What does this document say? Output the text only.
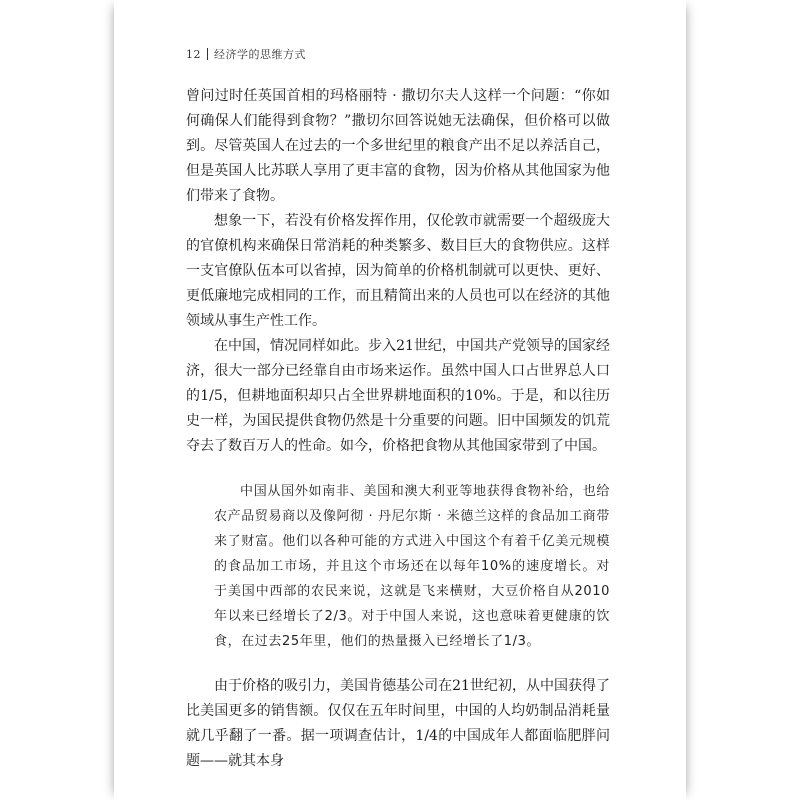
12 经济学的思维方式

曾问过时任英国首相的玛格丽特 · 撒切尔夫人这样一个问题：“你如何确保人们能得到食物？”撒切尔回答说她无法确保，但价格可以做到。尽管英国人在过去的一个多世纪里的粮食产出不足以养活自己，但是英国人比苏联人享用了更丰富的食物，因为价格从其他国家为他们带来了食物。

想象一下，若没有价格发挥作用，仅伦敦市就需要一个超级庞大的官僚机构来确保日常消耗的种类繁多、数目巨大的食物供应。这样一支官僚队伍本可以省掉，因为简单的价格机制就可以更快、更好、更低廉地完成相同的工作，而且精简出来的人员也可以在经济的其他领域从事生产性工作。

在中国，情况同样如此。步入21世纪，中国共产党领导的国家经济，很大一部分已经靠自由市场来运作。虽然中国人口占世界总人口的1/5，但耕地面积却只占全世界耕地面积的10%。于是，和以往历史一样，为国民提供食物仍然是十分重要的问题。旧中国频发的饥荒夺去了数百万人的性命。如今，价格把食物从其他国家带到了中国。

中国从国外如南非、美国和澳大利亚等地获得食物补给，也给农产品贸易商以及像阿彻 · 丹尼尔斯 · 米德兰这样的食品加工商带来了财富。他们以各种可能的方式进入中国这个有着千亿美元规模的食品加工市场，并且这个市场还在以每年10%的速度增长。对于美国中西部的农民来说，这就是飞来横财，大豆价格自从2010年以来已经增长了2/3。对于中国人来说，这也意味着更健康的饮食，在过去25年里，他们的热量摄入已经增长了1/3。

由于价格的吸引力，美国肯德基公司在21世纪初，从中国获得了比美国更多的销售额。仅仅在五年时间里，中国的人均奶制品消耗量就几乎翻了一番。据一项调查估计，1/4的中国成年人都面临肥胖问题——就其本身
